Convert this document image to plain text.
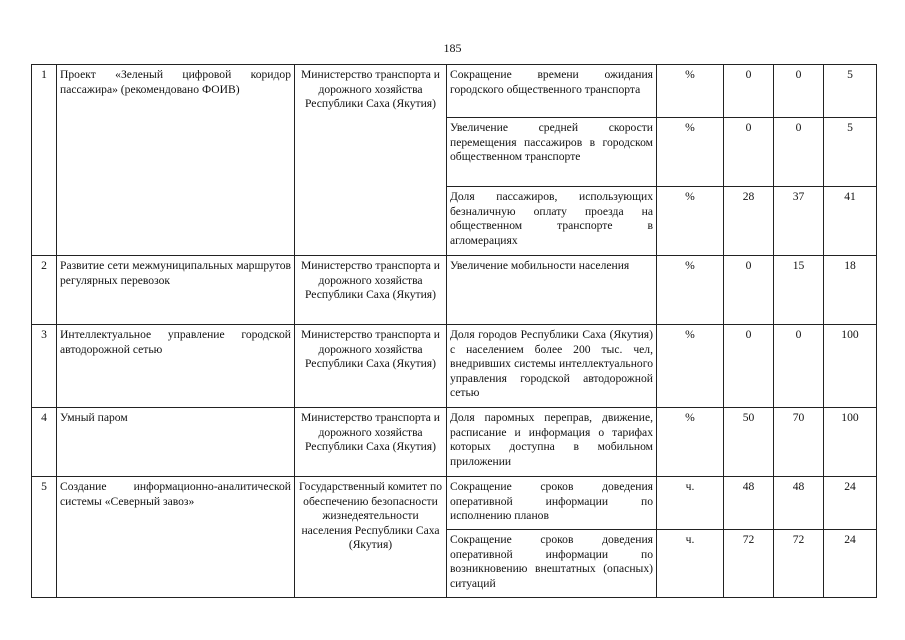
185
1	Проект «Зеленый цифровой коридор пассажира» (рекомендовано ФОИВ)	Министерство транспорта и дорожного хозяйства Республики Саха (Якутия)	Сокращение времени ожидания городского общественного транспорта	%	0	0	5
			Увеличение средней скорости перемещения пассажиров в городском общественном транспорте	%	0	0	5
			Доля пассажиров, использующих безналичную оплату проезда на общественном транспорте в агломерациях	%	28	37	41
2	Развитие сети межмуниципальных маршрутов регулярных перевозок	Министерство транспорта и дорожного хозяйства Республики Саха (Якутия)	Увеличение мобильности населения	%	0	15	18
3	Интеллектуальное управление городской автодорожной сетью	Министерство транспорта и дорожного хозяйства Республики Саха (Якутия)	Доля городов Республики Саха (Якутия) с населением более 200 тыс. чел, внедривших системы интеллектуального управления городской автодорожной сетью	%	0	0	100
4	Умный паром	Министерство транспорта и дорожного хозяйства Республики Саха (Якутия)	Доля паромных переправ, движение, расписание и информация о тарифах которых доступна в мобильном приложении	%	50	70	100
5	Создание информационно-аналитической системы «Северный завоз»	Государственный комитет по обеспечению безопасности жизнедеятельности населения Республики Саха (Якутия)	Сокращение сроков доведения оперативной информации по исполнению планов	ч.	48	48	24
			Сокращение сроков доведения оперативной информации по возникновению внештатных (опасных) ситуаций	ч.	72	72	24
